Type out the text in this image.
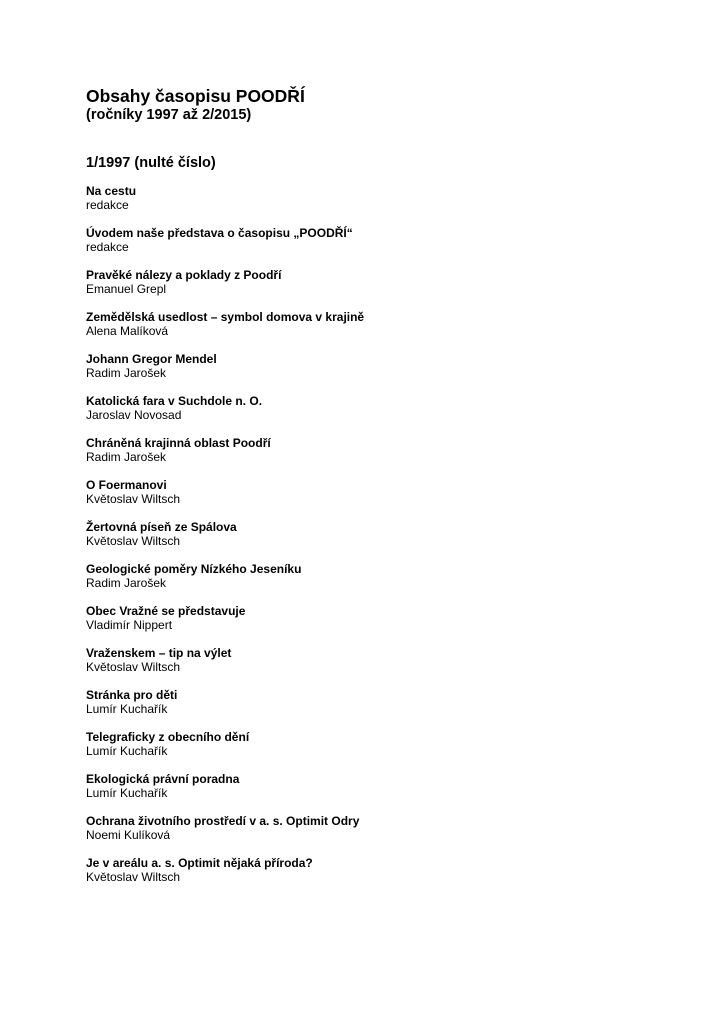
Obsahy časopisu POODŘÍ

(ročníky 1997 až 2/2015)

1/1997 (nulté číslo)
Na cestu
redakce
Úvodem naše představa o časopisu „POODŘÍ“
redakce
Pravěké nálezy a poklady z Poodří
Emanuel Grepl
Zemědělská usedlost – symbol domova v krajině
Alena Malíková
Johann Gregor Mendel
Radim Jarošek
Katolická fara v Suchdole n. O.
Jaroslav Novosad
Chráněná krajinná oblast Poodří
Radim Jarošek
O Foermanovi
Květoslav Wiltsch
Žertovná píseň ze Spálova
Květoslav Wiltsch
Geologické poměry Nízkého Jeseníku
Radim Jarošek
Obec Vražné se představuje
Vladimír Nippert
Vraženskem – tip na výlet
Květoslav Wiltsch
Stránka pro děti
Lumír Kuchařík
Telegraficky z obecního dění
Lumír Kuchařík
Ekologická právní poradna
Lumír Kuchařík
Ochrana životního prostředí v a. s. Optimit Odry
Noemi Kulíková
Je v areálu a. s. Optimit nějaká příroda?
Květoslav Wiltsch
